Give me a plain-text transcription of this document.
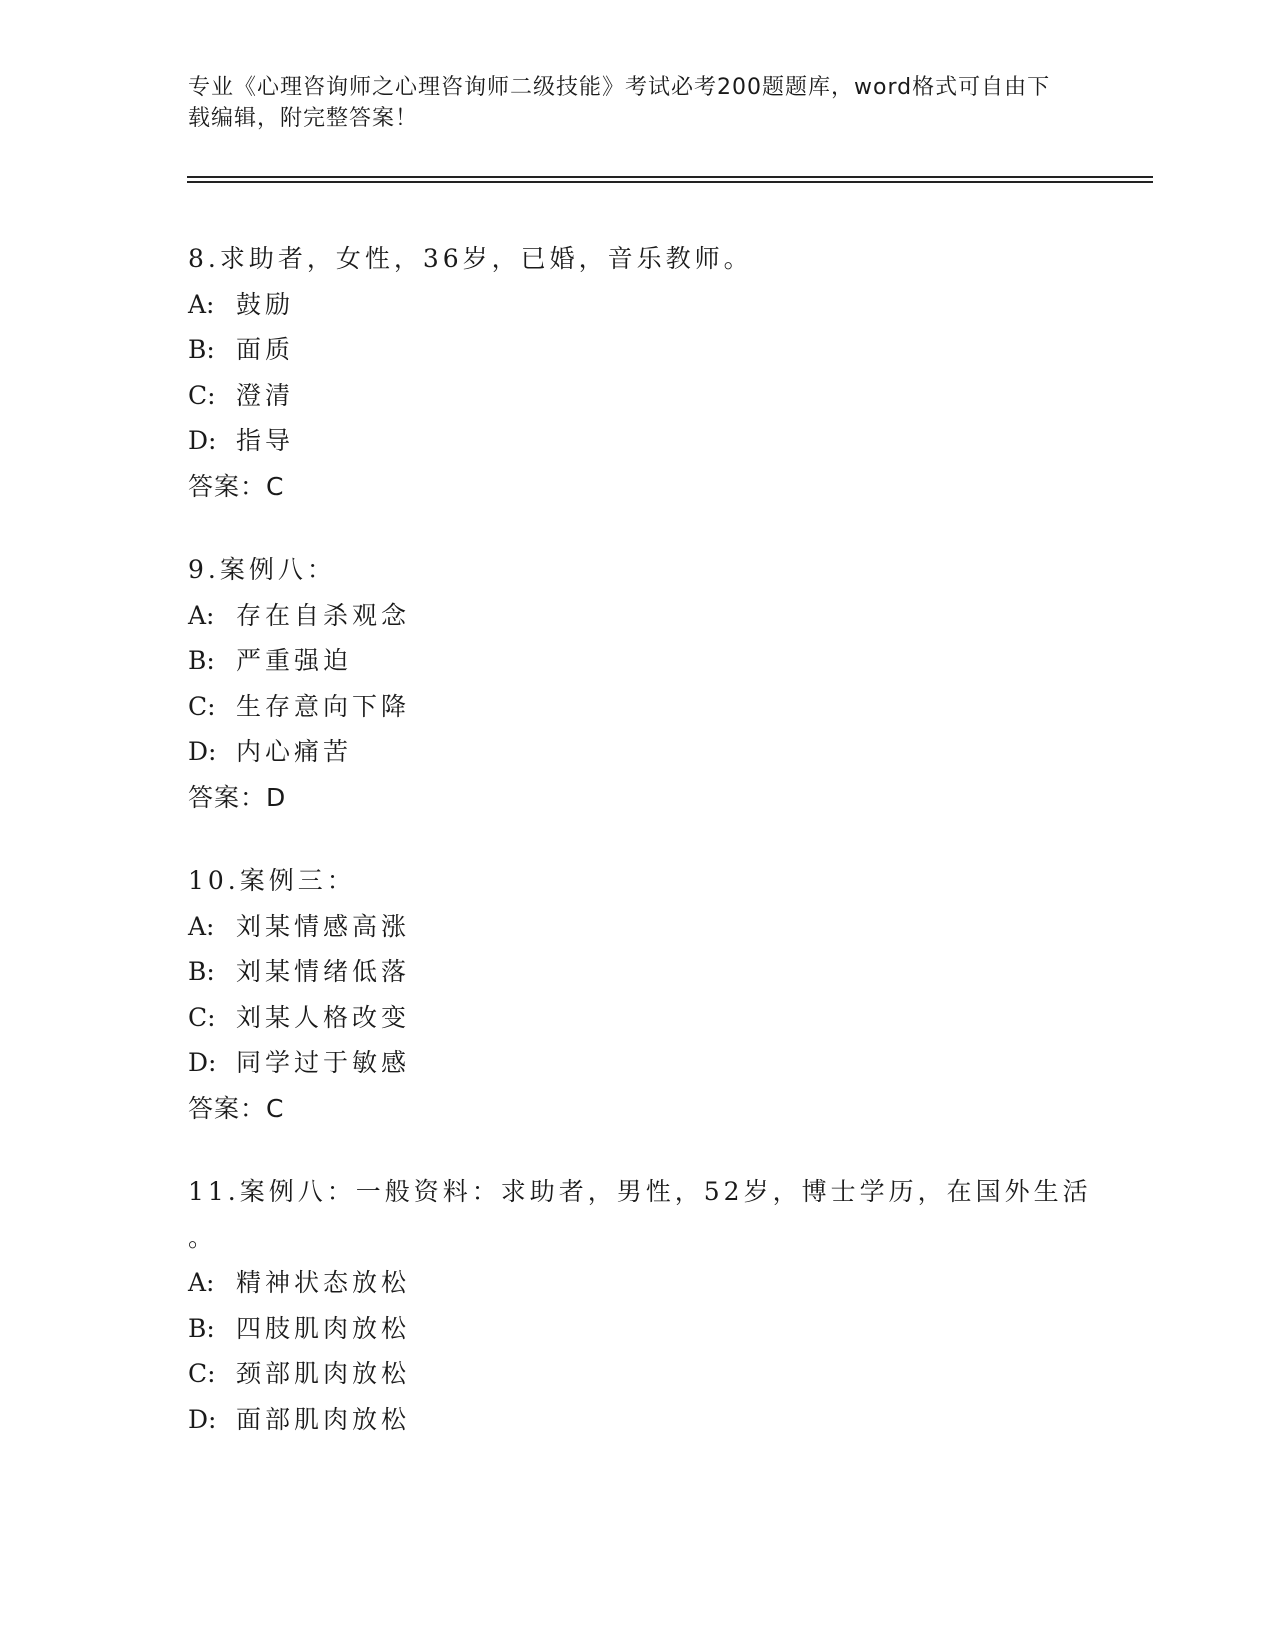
专业《心理咨询师之心理咨询师二级技能》考试必考200题题库，word格式可自由下载编辑，附完整答案！
8.求助者，女性，36岁，已婚，音乐教师。
A: 鼓励
B: 面质
C: 澄清
D: 指导
答案：C
9.案例八：
A: 存在自杀观念
B: 严重强迫
C: 生存意向下降
D: 内心痛苦
答案：D
10.案例三：
A: 刘某情感高涨
B: 刘某情绪低落
C: 刘某人格改变
D: 同学过于敏感
答案：C
11.案例八：一般资料：求助者，男性，52岁，博士学历，在国外生活
。
A: 精神状态放松
B: 四肢肌肉放松
C: 颈部肌肉放松
D: 面部肌肉放松
